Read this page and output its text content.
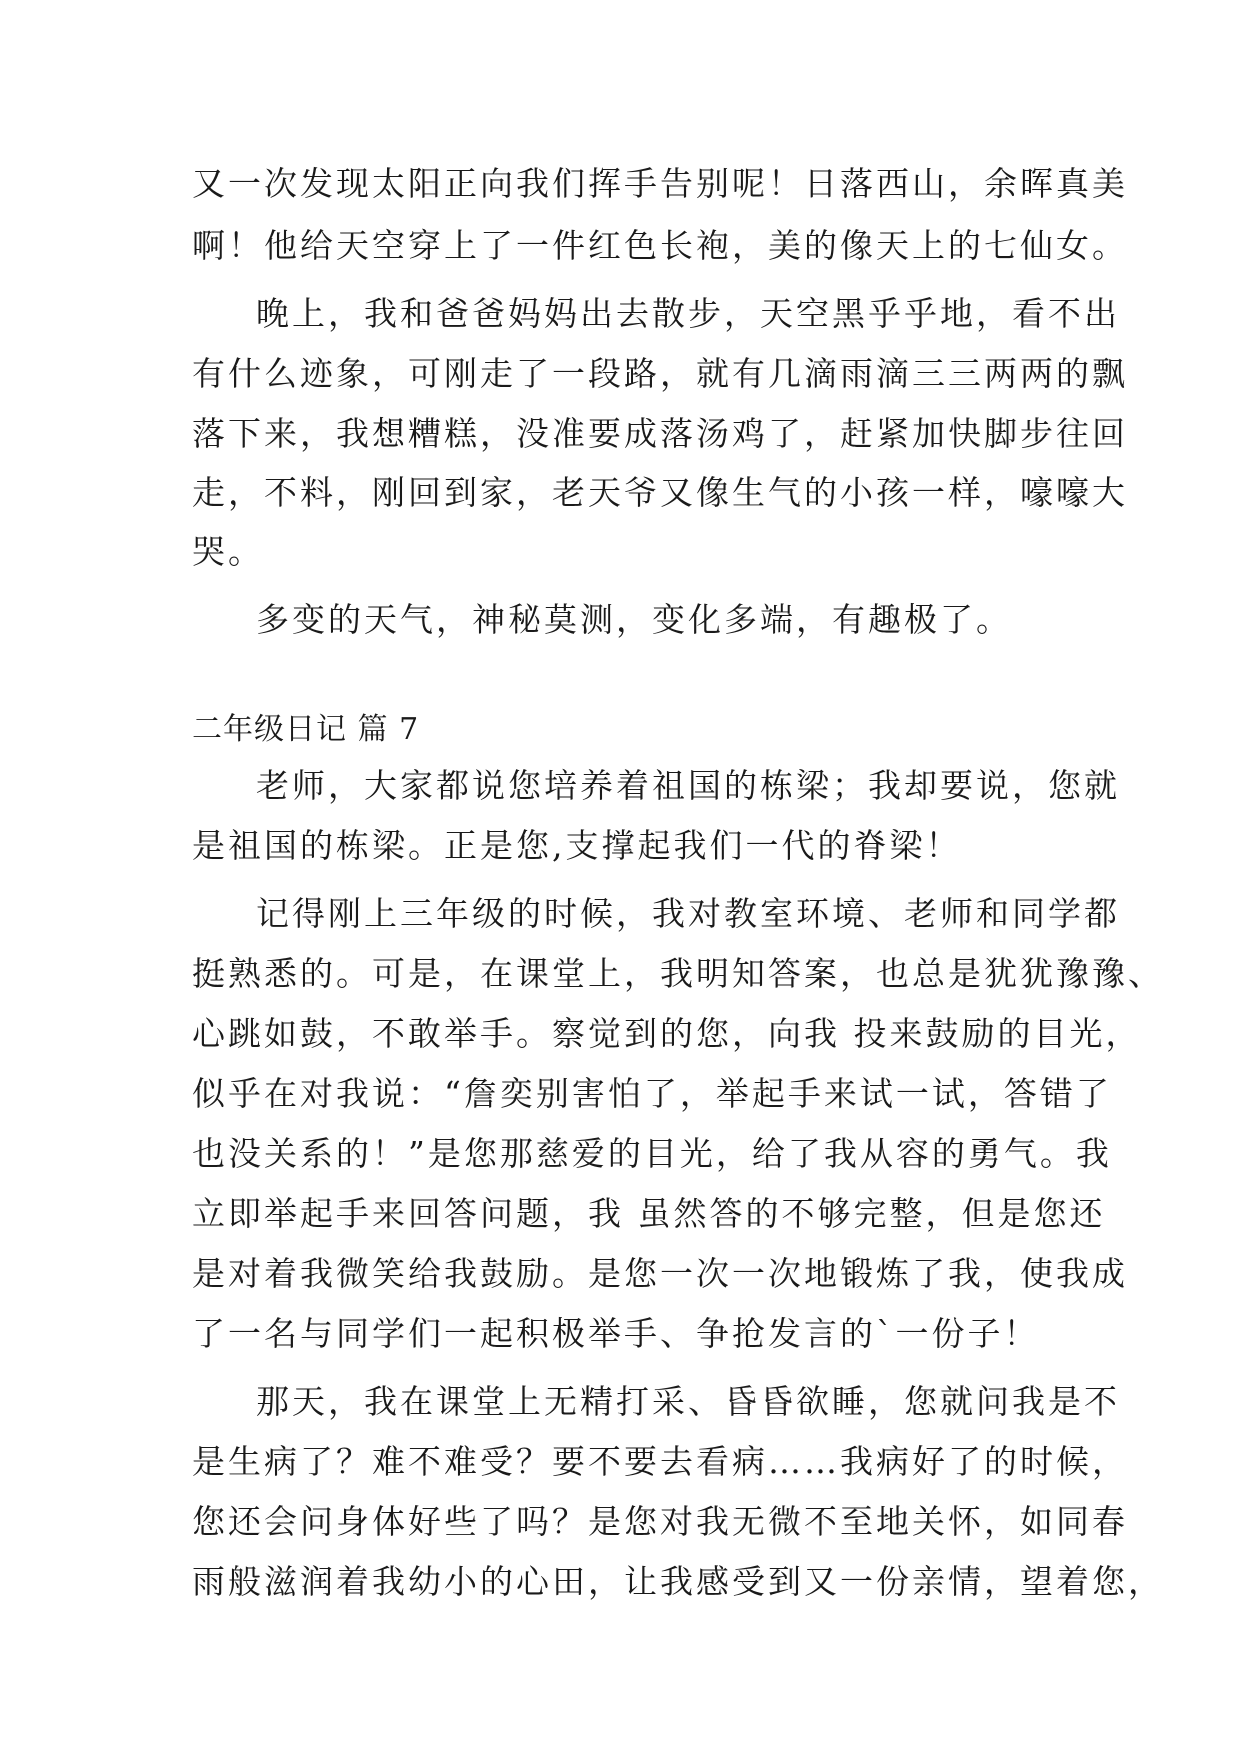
又一次发现太阳正向我们挥手告别呢！日落西山，余晖真美
啊！他给天空穿上了一件红色长袍，美的像天上的七仙女。
晚上，我和爸爸妈妈出去散步，天空黑乎乎地，看不出
有什么迹象，可刚走了一段路，就有几滴雨滴三三两两的飘
落下来，我想糟糕，没准要成落汤鸡了，赶紧加快脚步往回
走，不料，刚回到家，老天爷又像生气的小孩一样，嚎嚎大
哭。
多变的天气，神秘莫测，变化多端，有趣极了。
二年级日记 篇 7
老师，大家都说您培养着祖国的栋梁；我却要说，您就
是祖国的栋梁。正是您,支撑起我们一代的脊梁！
记得刚上三年级的时候，我对教室环境、老师和同学都
挺熟悉的。可是，在课堂上，我明知答案，也总是犹犹豫豫、
心跳如鼓，不敢举手。察觉到的您，向我 投来鼓励的目光，
似乎在对我说：“詹奕别害怕了，举起手来试一试，答错了
也没关系的！”是您那慈爱的目光，给了我从容的勇气。我
立即举起手来回答问题，我 虽然答的不够完整，但是您还
是对着我微笑给我鼓励。是您一次一次地锻炼了我，使我成
了一名与同学们一起积极举手、争抢发言的`一份子！
那天，我在课堂上无精打采、昏昏欲睡，您就问我是不
是生病了？难不难受？要不要去看病……我病好了的时候，
您还会问身体好些了吗？是您对我无微不至地关怀，如同春
雨般滋润着我幼小的心田，让我感受到又一份亲情，望着您，
